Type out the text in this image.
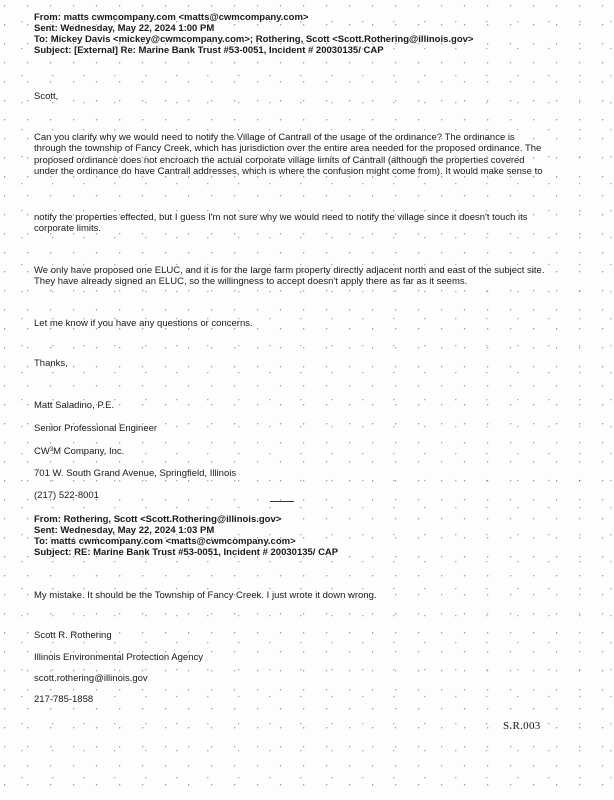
From: matts cwmcompany.com <matts@cwmcompany.com>
Sent: Wednesday, May 22, 2024 1:00 PM
To: Mickey Davis <mickey@cwmcompany.com>; Rothering, Scott <Scott.Rothering@illinois.gov>
Subject: [External] Re: Marine Bank Trust #53-0051, Incident # 20030135/ CAP
Scott,
Can you clarify why we would need to notify the Village of Cantrall of the usage of the ordinance? The ordinance is
through the township of Fancy Creek, which has jurisdiction over the entire area needed for the proposed ordinance. The
proposed ordinance does not encroach the actual corporate village limits of Cantrall (although the properties covered
under the ordinance do have Cantrall addresses, which is where the confusion might come from). It would make sense to
notify the properties effected, but I guess I'm not sure why we would need to notify the village since it doesn't touch its
corporate limits.
We only have proposed one ELUC, and it is for the large farm property directly adjacent north and east of the subject site.
They have already signed an ELUC, so the willingness to accept doesn't apply there as far as it seems.
Let me know if you have any questions or concerns.
Thanks,
Matt Saladino, P.E.
Senior Professional Engineer
$CW^3M$ Company, Inc.
701 W. South Grand Avenue, Springfield, Illinois
(217) 522-8001
From: Rothering, Scott <Scott.Rothering@illinois.gov>
Sent: Wednesday, May 22, 2024 1:03 PM
To: matts cwmcompany.com <matts@cwmcompany.com>
Subject: RE: Marine Bank Trust #53-0051, Incident # 20030135/ CAP
My mistake. It should be the Township of Fancy Creek. I just wrote it down wrong.
Scott R. Rothering
Illinois Environmental Protection Agency
scott.rothering@illinois.gov
217-785-1858
S.R.003
